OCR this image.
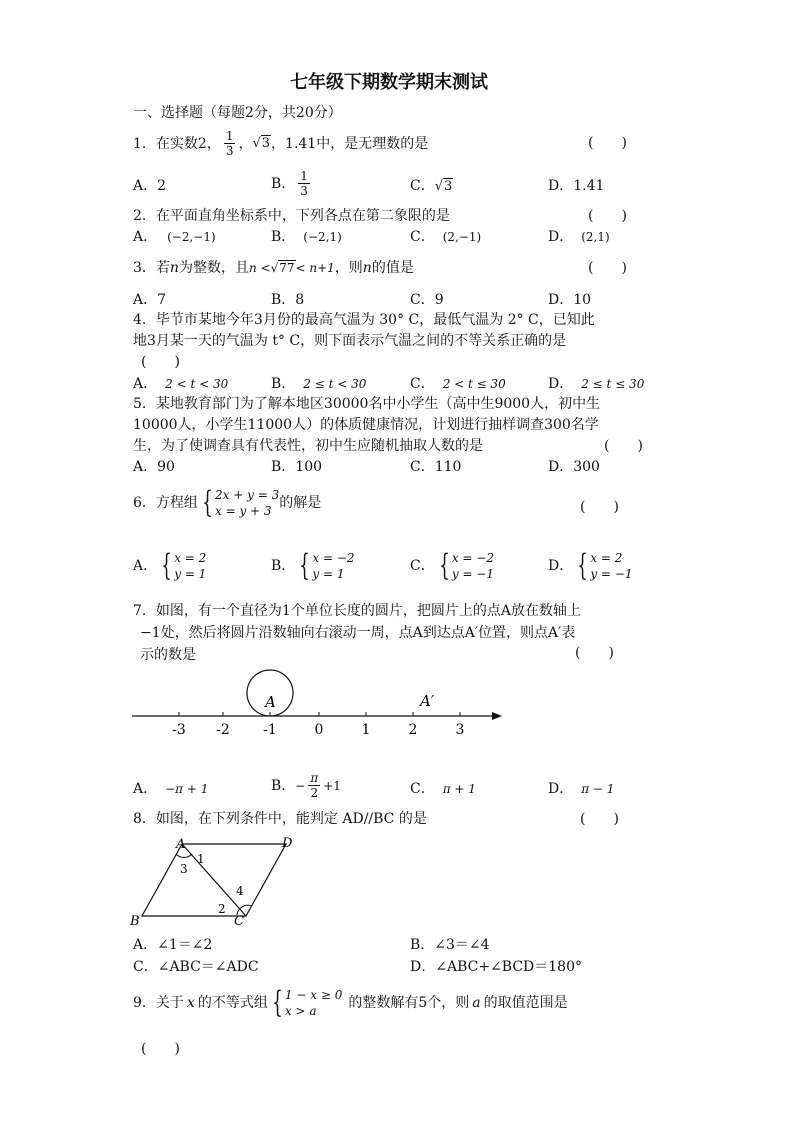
七年级下期数学期末测试
一、选择题（每题2分，共20分）
1．在实数2， $\frac{1}{3}$ ， √3 ，1.41中，是无理数的是	(　　)
A．2	B． $\frac{1}{3}$	C．√3	D．1.41
2．在平面直角坐标系中，下列各点在第二象限的是	(　　)
A． (−2,−1)	B． (−2,1)	C． (2,−1)	D． (2,1)
3．若 n 为整数，且 n < √77 < n+1 ，则 n 的值是	(　　)
A．7	B．8	C．9	D．10
4．毕节市某地今年3月份的最高气温为 30° C，最低气温为 2° C，已知此
地3月某一天的气温为 t° C，则下面表示气温之间的不等关系正确的是
(　　)
A． 2 < t < 30	B． 2 ≤ t < 30	C． 2 < t ≤ 30	D． 2 ≤ t ≤ 30
5．某地教育部门为了解本地区30000名中小学生（高中生9000人，初中生
10000人，小学生11000人）的体质健康情况，计划进行抽样调查300名学
生，为了使调查具有代表性，初中生应随机抽取人数的是	(　　)
A．90	B．100	C．110	D．300
6．方程组 { 2x + y = 3
x = y + 3 的解是	(　　)
A． { x = 2
y = 1	B． { x = −2
y = 1	C． { x = −2
y = −1	D． { x = 2
y = −1
7．如图，有一个直径为1个单位长度的圆片，把圆片上的点A放在数轴上
−1处，然后将圆片沿数轴向右滚动一周，点A到达点A′位置，则点A′表
示的数是	(　　)
A	A′
-3 -2 -1	0	1	2	3
A． −π + 1	B． − $\frac{\pi}{2} +1$	C． π + 1	D． π − 1
8．如图，在下列条件中，能判定 AD//BC 的是	(　　)
A	D
B	C
1
3
2
4
A．∠1＝∠2	B．∠3＝∠4
C．∠ABC＝∠ADC	D．∠ABC+∠BCD＝180°
9．关于 x 的不等式组 { 1 − x ≥ 0
x > a	的整数解有5个，则 a 的取值范围是
(　　)
